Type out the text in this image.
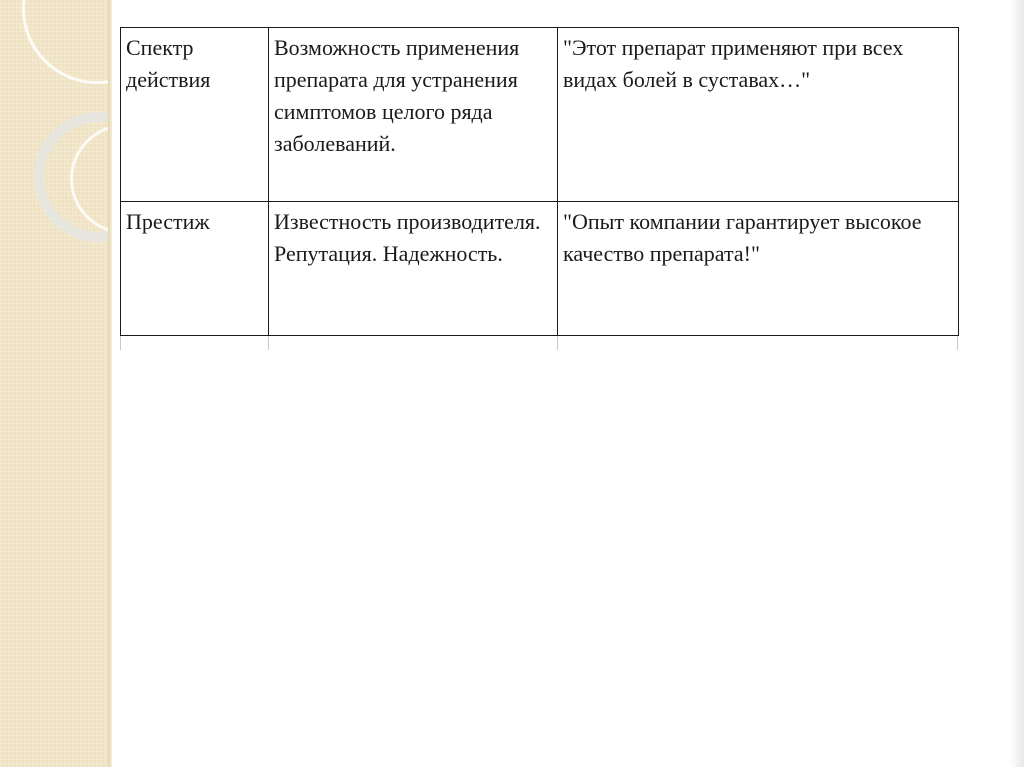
Спектр действия	Возможность применения препарата для устранения симптомов целого ряда заболеваний.	"Этот препарат применяют при всех видах болей в суставах…"
Престиж	Известность производителя. Репутация. Надежность.	"Опыт компании гарантирует высокое качество препарата!"
